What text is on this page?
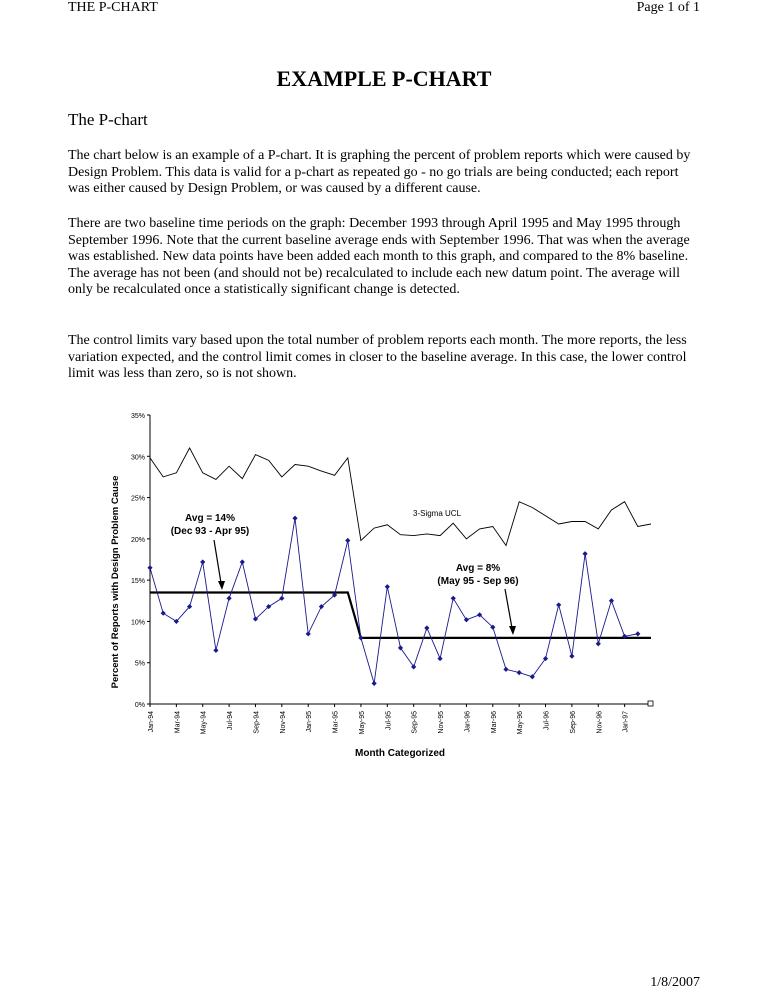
THE P-CHART	Page 1 of 1
EXAMPLE P-CHART
The P-chart

The chart below is an example of a P-chart. It is graphing the percent of problem reports which were caused by Design Problem. This data is valid for a p-chart as repeated go - no go trials are being conducted; each report was either caused by Design Problem, or was caused by a different cause.

There are two baseline time periods on the graph: December 1993 through April 1995 and May 1995 through September 1996. Note that the current baseline average ends with September 1996. That was when the average was established. New data points have been added each month to this graph, and compared to the 8% baseline. The average has not been (and should not be) recalculated to include each new datum point. The average will only be recalculated once a statistically significant change is detected.

The control limits vary based upon the total number of problem reports each month. The more reports, the less variation expected, and the control limit comes in closer to the baseline average. In this case, the lower control limit was less than zero, so is not shown.

0%
5%
10%
15%
20%
25%
30%
35%
Jan-94	Mar-94	May-94	Jul-94	Sep-94	Nov-94	Jan-95	Mar-95	May-95	Jul-95	Sep-95	Nov-95	Jan-96	Mar-96	May-96	Jul-96	Sep-96	Nov-96	Jan-97
Avg = 14%
(Dec 93 - Apr 95)
Avg = 8%
(May 95 - Sep 96)
3-Sigma UCL
Percent of Reports with Design Problem Cause
Month Categorized
1/8/2007
